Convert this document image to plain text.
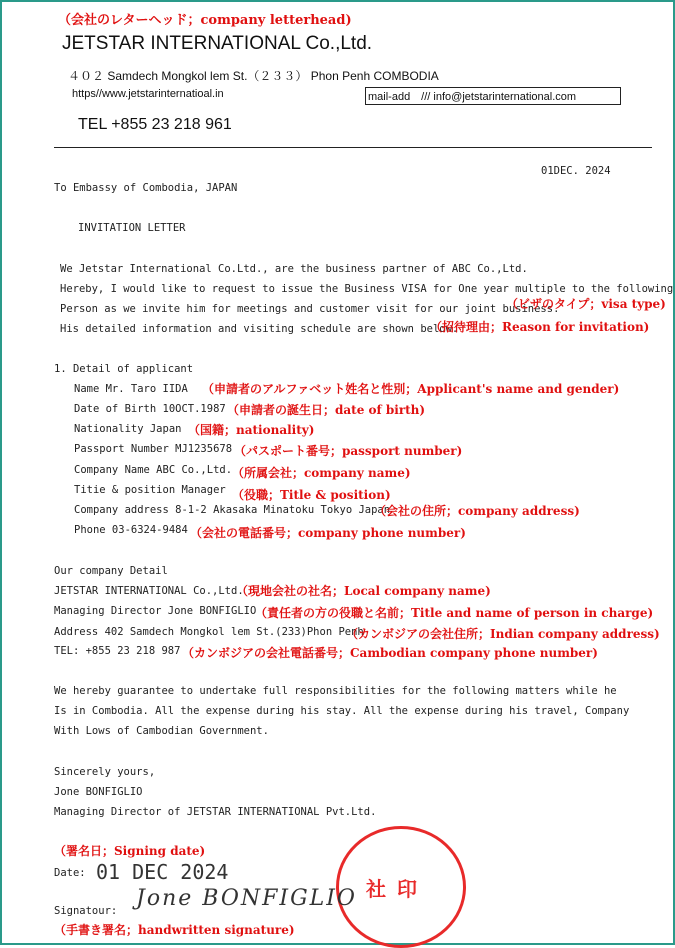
（会社のレターヘッド；company letterhead)
JETSTAR INTERNATIONAL Co.,Ltd.
４０２ Samdech Mongkol lem St.（２３３） Phon Penh COMBODIA
https//www.jetstarinternatioal.in	mail-add　/// info@jetstarinternational.com
TEL +855 23 218 961
01DEC. 2024
To Embassy of Combodia, JAPAN
INVITATION LETTER
We Jetstar International Co.Ltd., are the business partner of ABC Co.,Ltd.
Hereby, I would like to request to issue the Business VISA for One year multiple to the following
Person as we invite him for meetings and customer visit for our joint business.
（ビザのタイプ；visa type)
His detailed information and visiting schedule are shown below.
（招待理由；Reason for invitation)
1. Detail of applicant
Name Mr. Taro IIDA （申請者のアルファベット姓名と性別；Applicant's name and gender)
Date of Birth 10OCT.1987 （申請者の誕生日；date of birth)
Nationality Japan （国籍；nationality)
Passport Number MJ1235678 （パスポート番号；passport number)
Company Name ABC Co.,Ltd. （所属会社；company name)
Titie & position Manager （役職；Title & position)
Company address 8-1-2 Akasaka Minatoku Tokyo Japan
（会社の住所；company address)
Phone 03-6324-9484 （会社の電話番号；company phone number)
Our company Detail
JETSTAR INTERNATIONAL Co.,Ltd.
（現地会社の社名；Local company name)
Managing Director Jone BONFIGLIO
（責任者の方の役職と名前；Title and name of person in charge)
Address 402 Samdech Mongkol lem St.(233)Phon Penh
（カンボジアの会社住所；Indian company address)
TEL: +855 23 218 987 （カンボジアの会社電話番号；Cambodian company phone number)
We hereby guarantee to undertake full responsibilities for the following matters while he
Is in Combodia. All the expense during his stay. All the expense during his travel, Company
With Lows of Cambodian Government.
Sincerely yours,
Jone BONFIGLIO
Managing Director of JETSTAR INTERNATIONAL Pvt.Ltd.
（署名日；Signing date)
Date: 01 DEC 2024
社 印
Signatour: Jone BONFIGLIO
（手書き署名；handwritten signature)
